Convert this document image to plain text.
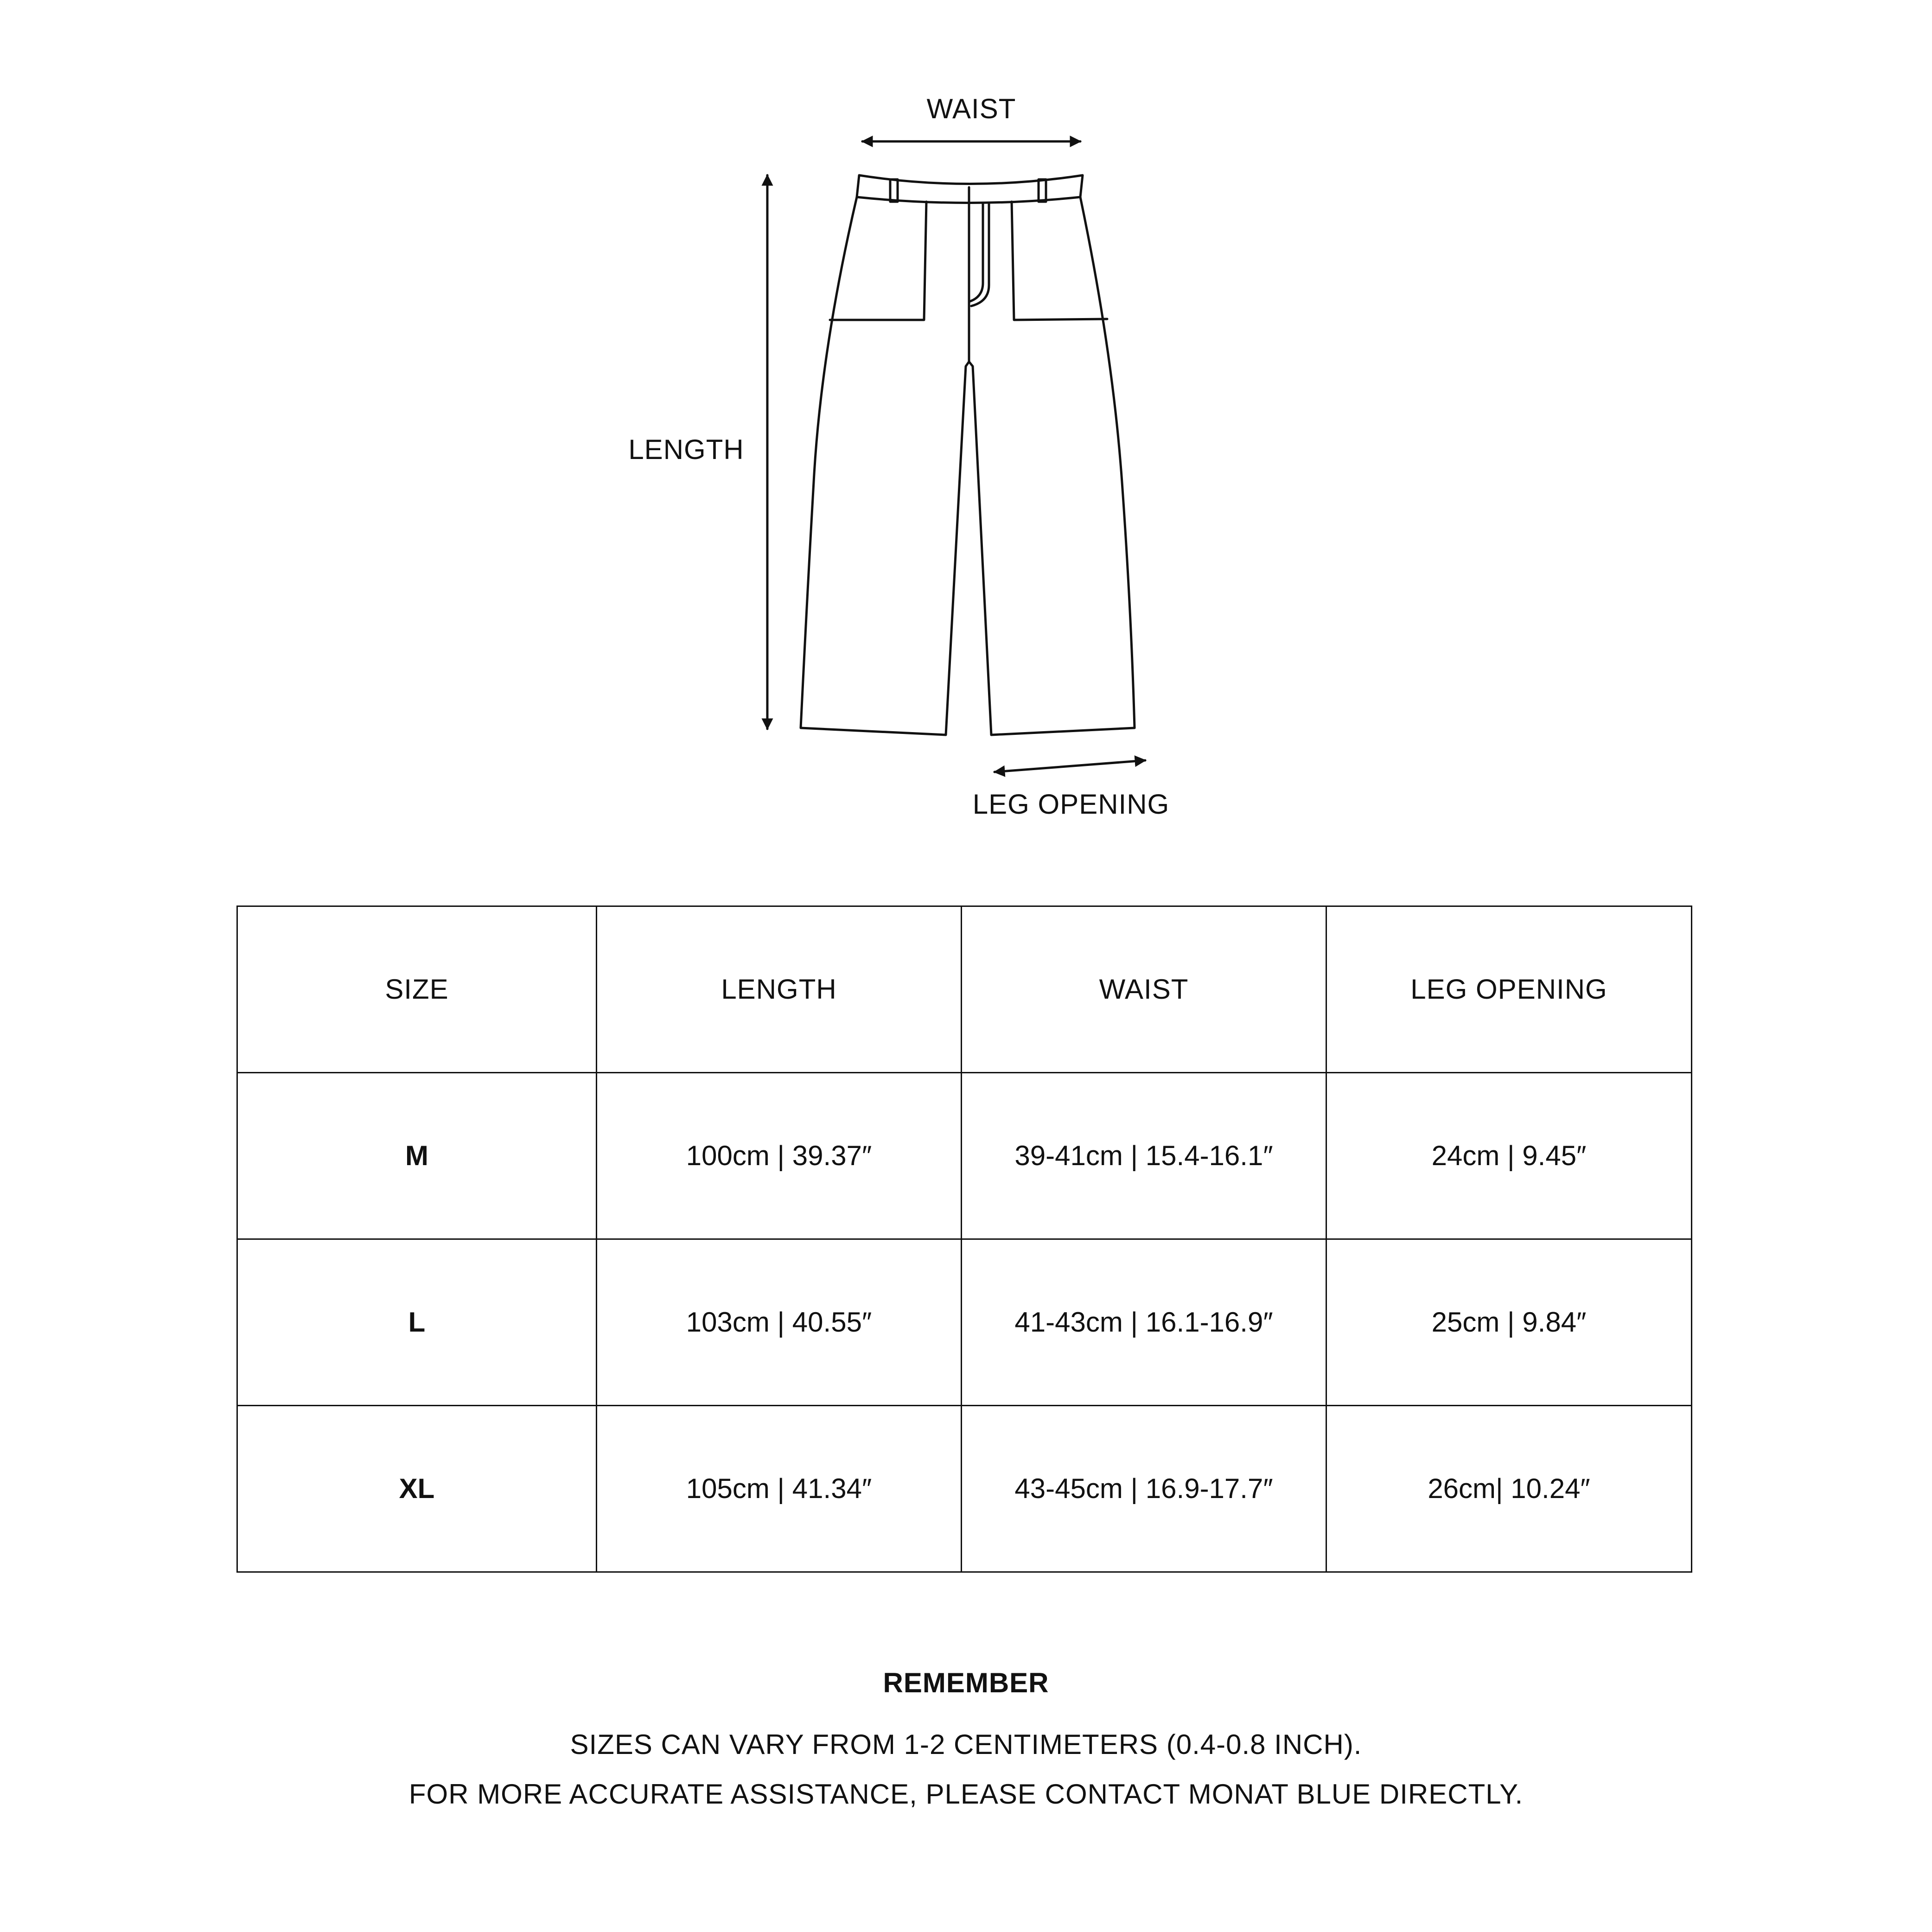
WAIST
LENGTH
LEG OPENING
SIZE	LENGTH	WAIST	LEG OPENING
M	100cm | 39.37″	39-41cm | 15.4-16.1″	24cm | 9.45″
L	103cm | 40.55″	41-43cm | 16.1-16.9″	25cm | 9.84″
XL	105cm | 41.34″	43-45cm | 16.9-17.7″	26cm| 10.24″
REMEMBER
SIZES CAN VARY FROM 1-2 CENTIMETERS (0.4-0.8 INCH).
FOR MORE ACCURATE ASSISTANCE, PLEASE CONTACT MONAT BLUE DIRECTLY.
